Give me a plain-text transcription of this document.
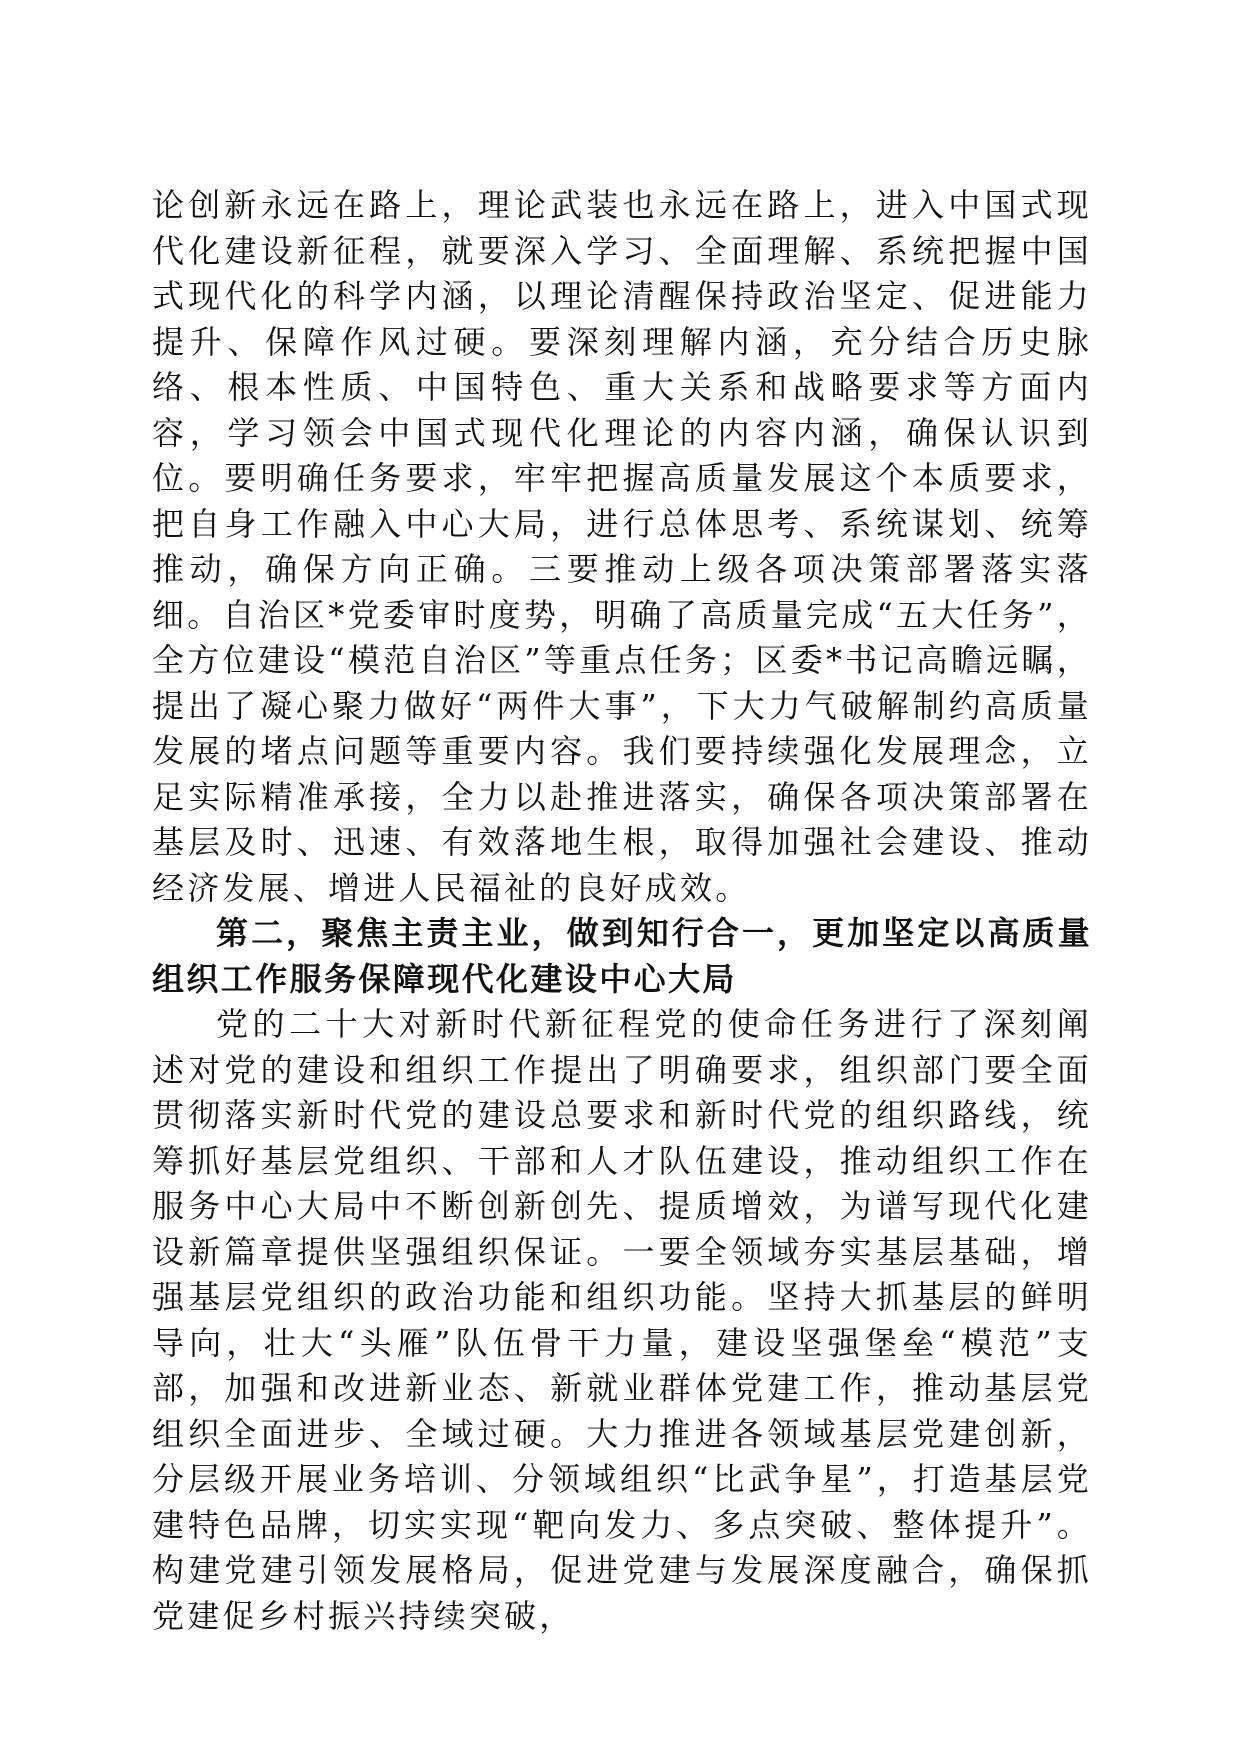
论创新永远在路上，理论武装也永远在路上，进入中国式现代化建设新征程，就要深入学习、全面理解、系统把握中国式现代化的科学内涵，以理论清醒保持政治坚定、促进能力提升、保障作风过硬。要深刻理解内涵，充分结合历史脉络、根本性质、中国特色、重大关系和战略要求等方面内容，学习领会中国式现代化理论的内容内涵，确保认识到位。要明确任务要求，牢牢把握高质量发展这个本质要求，把自身工作融入中心大局，进行总体思考、系统谋划、统筹推动，确保方向正确。三要推动上级各项决策部署落实落细。自治区*党委审时度势，明确了高质量完成“五大任务”，全方位建设“模范自治区”等重点任务；区委*书记高瞻远瞩，提出了凝心聚力做好“两件大事”，下大力气破解制约高质量发展的堵点问题等重要内容。我们要持续强化发展理念，立足实际精准承接，全力以赴推进落实，确保各项决策部署在基层及时、迅速、有效落地生根，取得加强社会建设、推动经济发展、增进人民福祉的良好成效。

第二，聚焦主责主业，做到知行合一，更加坚定以高质量组织工作服务保障现代化建设中心大局

党的二十大对新时代新征程党的使命任务进行了深刻阐述对党的建设和组织工作提出了明确要求，组织部门要全面贯彻落实新时代党的建设总要求和新时代党的组织路线，统筹抓好基层党组织、干部和人才队伍建设，推动组织工作在服务中心大局中不断创新创先、提质增效，为谱写现代化建设新篇章提供坚强组织保证。一要全领域夯实基层基础，增强基层党组织的政治功能和组织功能。坚持大抓基层的鲜明导向，壮大“头雁”队伍骨干力量，建设坚强堡垒“模范”支部，加强和改进新业态、新就业群体党建工作，推动基层党组织全面进步、全域过硬。大力推进各领域基层党建创新，分层级开展业务培训、分领域组织“比武争星”，打造基层党建特色品牌，切实实现“靶向发力、多点突破、整体提升”。构建党建引领发展格局，促进党建与发展深度融合，确保抓党建促乡村振兴持续突破，
